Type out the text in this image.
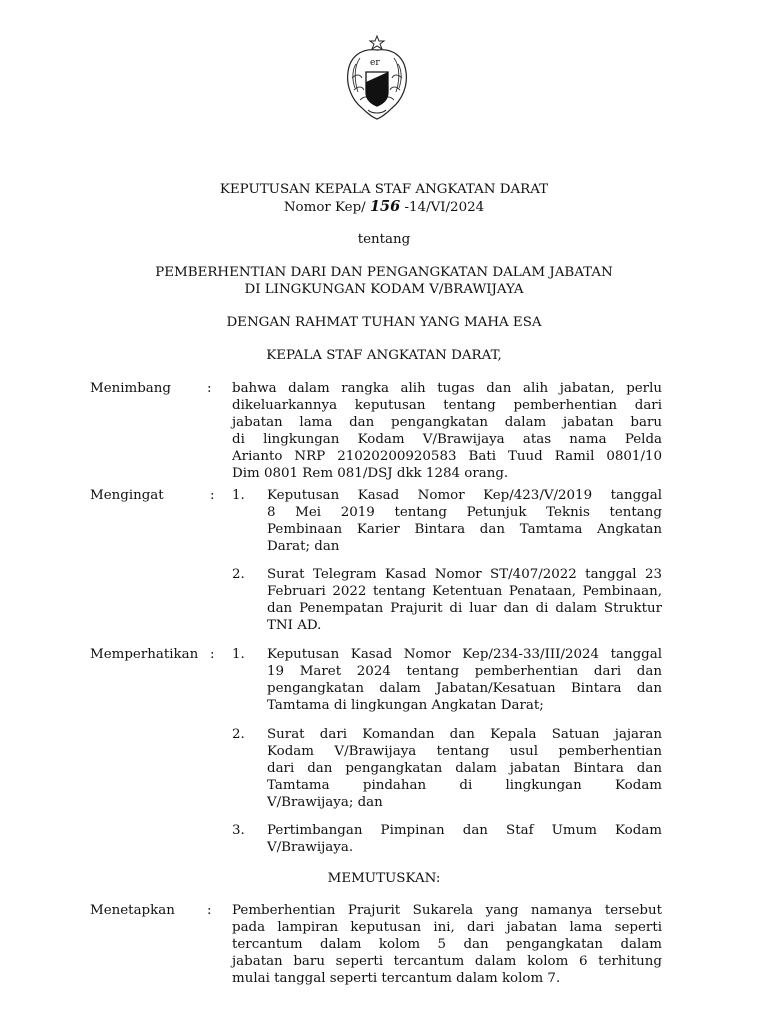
er
KEPUTUSAN KEPALA STAF ANGKATAN DARAT
Nomor Kep/ 156 -14/VI/2024
tentang
PEMBERHENTIAN DARI DAN PENGANGKATAN DALAM JABATAN
DI LINGKUNGAN KODAM V/BRAWIJAYA
DENGAN RAHMAT TUHAN YANG MAHA ESA
KEPALA STAF ANGKATAN DARAT,
Menimbang	: bahwa dalam rangka alih tugas dan alih jabatan, perlu
dikeluarkannya keputusan tentang pemberhentian dari
jabatan lama dan pengangkatan dalam jabatan baru
di lingkungan Kodam V/Brawijaya atas nama Pelda
Arianto NRP 21020200920583 Bati Tuud Ramil 0801/10
Dim 0801 Rem 081/DSJ dkk 1284 orang.
Mengingat	: 1. Keputusan Kasad Nomor Kep/423/V/2019 tanggal
8 Mei 2019 tentang Petunjuk Teknis tentang
Pembinaan Karier Bintara dan Tamtama Angkatan
Darat; dan
2. Surat Telegram Kasad Nomor ST/407/2022 tanggal 23
Februari 2022 tentang Ketentuan Penataan, Pembinaan,
dan Penempatan Prajurit di luar dan di dalam Struktur
TNI AD.
Memperhatikan : 1. Keputusan Kasad Nomor Kep/234-33/III/2024 tanggal
19 Maret 2024 tentang pemberhentian dari dan
pengangkatan dalam Jabatan/Kesatuan Bintara dan
Tamtama di lingkungan Angkatan Darat;
2. Surat dari Komandan dan Kepala Satuan jajaran
Kodam V/Brawijaya tentang usul pemberhentian
dari dan pengangkatan dalam jabatan Bintara dan
Tamtama pindahan di lingkungan Kodam
V/Brawijaya; dan
3. Pertimbangan Pimpinan dan Staf Umum Kodam
V/Brawijaya.
MEMUTUSKAN:
Menetapkan : Pemberhentian Prajurit Sukarela yang namanya tersebut
pada lampiran keputusan ini, dari jabatan lama seperti
tercantum dalam kolom 5 dan pengangkatan dalam
jabatan baru seperti tercantum dalam kolom 6 terhitung
mulai tanggal seperti tercantum dalam kolom 7.
